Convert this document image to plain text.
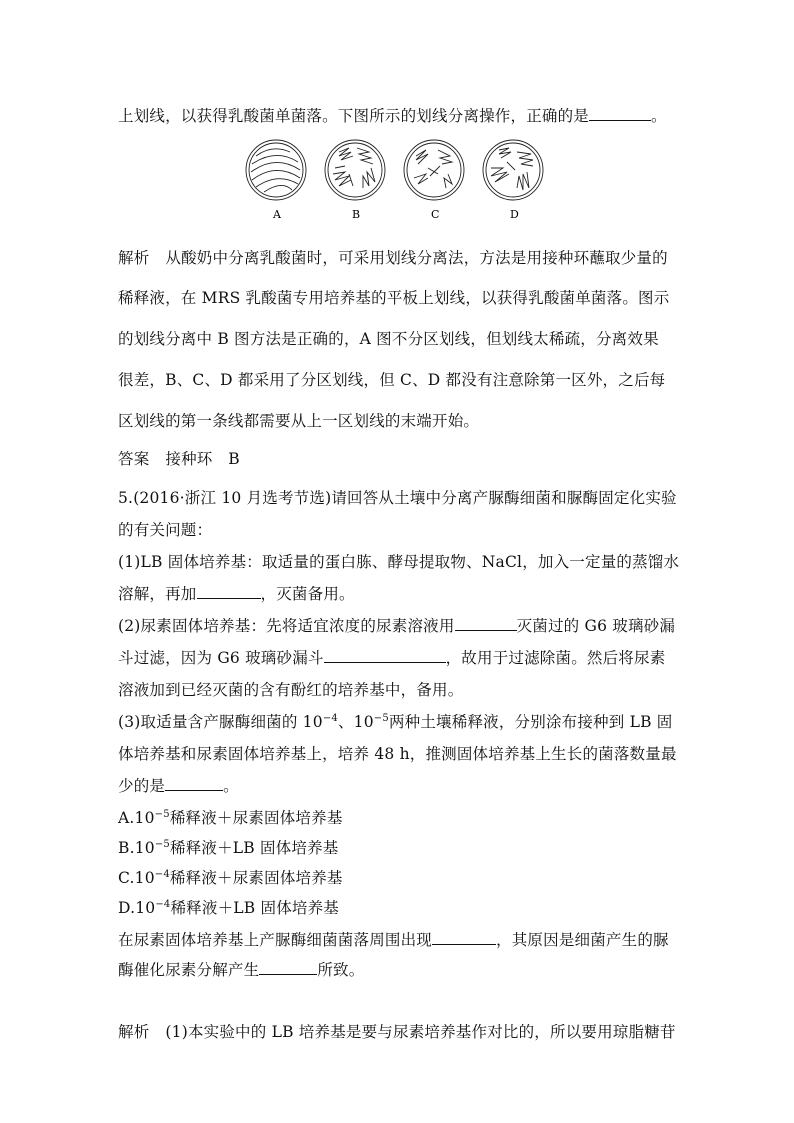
上划线，以获得乳酸菌单菌落。下图所示的划线分离操作，正确的是	。
A	B	C	D
解析 从酸奶中分离乳酸菌时，可采用划线分离法，方法是用接种环蘸取少量的
稀释液，在 MRS 乳酸菌专用培养基的平板上划线，以获得乳酸菌单菌落。图示
的划线分离中 B 图方法是正确的，A 图不分区划线，但划线太稀疏，分离效果
很差，B、C、D 都采用了分区划线，但 C、D 都没有注意除第一区外，之后每
区划线的第一条线都需要从上一区划线的末端开始。
答案 接种环　B
5.(2016·浙江 10 月选考节选)请回答从土壤中分离产脲酶细菌和脲酶固定化实验
的有关问题：
(1)LB 固体培养基：取适量的蛋白胨、酵母提取物、NaCl，加入一定量的蒸馏水
溶解，再加	，灭菌备用。
(2)尿素固体培养基：先将适宜浓度的尿素溶液用	灭菌过的 G6 玻璃砂漏
斗过滤，因为 G6 玻璃砂漏斗	，故用于过滤除菌。然后将尿素
溶液加到已经灭菌的含有酚红的培养基中，备用。
(3)取适量含产脲酶细菌的 $10^{-4}$、$10^{-5}$两种土壤稀释液，分别涂布接种到 LB 固
体培养基和尿素固体培养基上，培养 48 h，推测固体培养基上生长的菌落数量最
少的是	。
$A.10^{-5}$稀释液＋尿素固体培养基
$B.10^{-5}$稀释液＋LB 固体培养基
$C.10^{-4}$稀释液＋尿素固体培养基
$D.10^{-4}$稀释液＋LB 固体培养基
在尿素固体培养基上产脲酶细菌菌落周围出现	，其原因是细菌产生的脲
酶催化尿素分解产生	所致。
解析 (1)本实验中的 LB 培养基是要与尿素培养基作对比的，所以要用琼脂糖苷
